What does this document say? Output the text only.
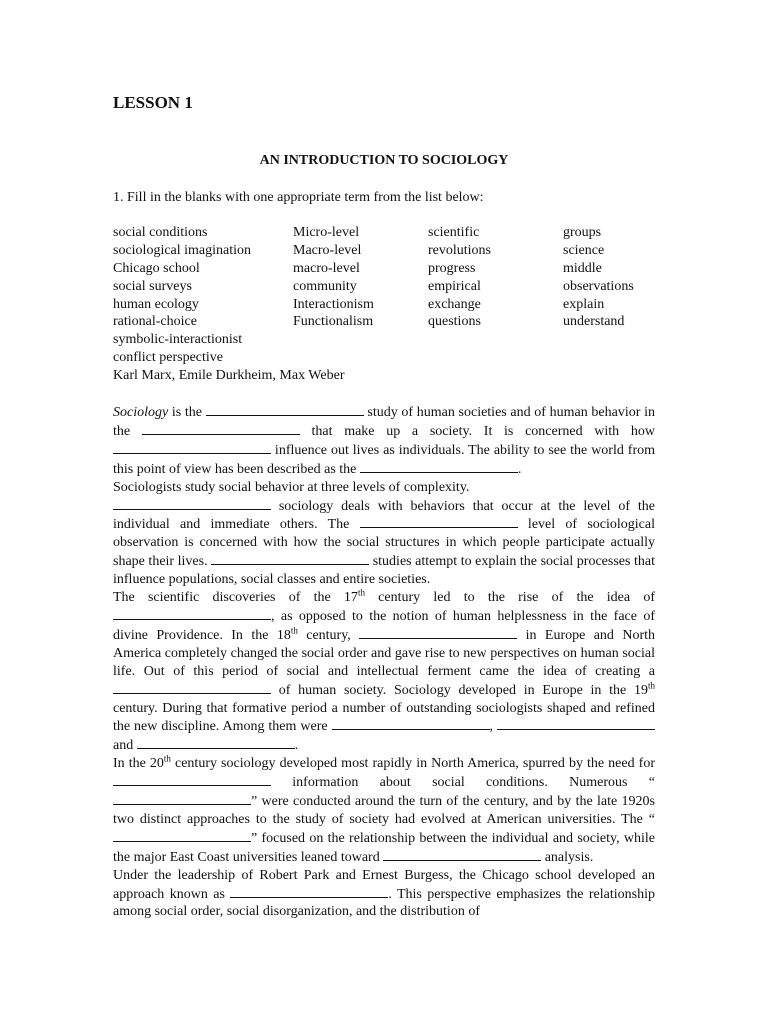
LESSON 1
AN INTRODUCTION TO SOCIOLOGY

1. Fill in the blanks with one appropriate term from the list below:

social conditions	Micro-level	scientific	groups
sociological imagination	Macro-level	revolutions	science
Chicago school	macro-level	progress	middle
social surveys	community	empirical	observations
human ecology	Interactionism	exchange	explain
rational-choice	Functionalism	questions	understand
symbolic-interactionist
conflict perspective
Karl Marx, Emile Durkheim, Max Weber

Sociology is the	study of human societies and of human behavior in the	that make up a society. It is concerned with how influence out lives as individuals. The ability to see the world from this point of view has been described as the	.

Sociologists study social behavior at three levels of complexity.

sociology deals with behaviors that occur at the level of the individual and immediate others. The	level of sociological observation is concerned with how the social structures in which people participate actually shape their lives.	studies attempt to explain the social processes that influence populations, social classes and entire societies.

The scientific discoveries of the 17th century led to the rise of the idea of , as opposed to the notion of human helplessness in the face of divine Providence. In the 18th century,	in Europe and North America completely changed the social order and gave rise to new perspectives on human social life. Out of this period of social and intellectual ferment came the idea of creating a  of human society. Sociology developed in Europe in the 19th century. During that formative period a number of outstanding sociologists shaped and refined the new discipline. Among them were	,  and	.

In the 20th century sociology developed most rapidly in North America, spurred by the need for  information about social conditions. Numerous “” were conducted around the turn of the century, and by the late 1920s two distinct approaches to the study of society had evolved at American universities. The “” focused on the relationship between the individual and society, while the major East Coast universities leaned toward	analysis.

Under the leadership of Robert Park and Ernest Burgess, the Chicago school developed an approach known as	. This perspective emphasizes the relationship among social order, social disorganization, and the distribution of
